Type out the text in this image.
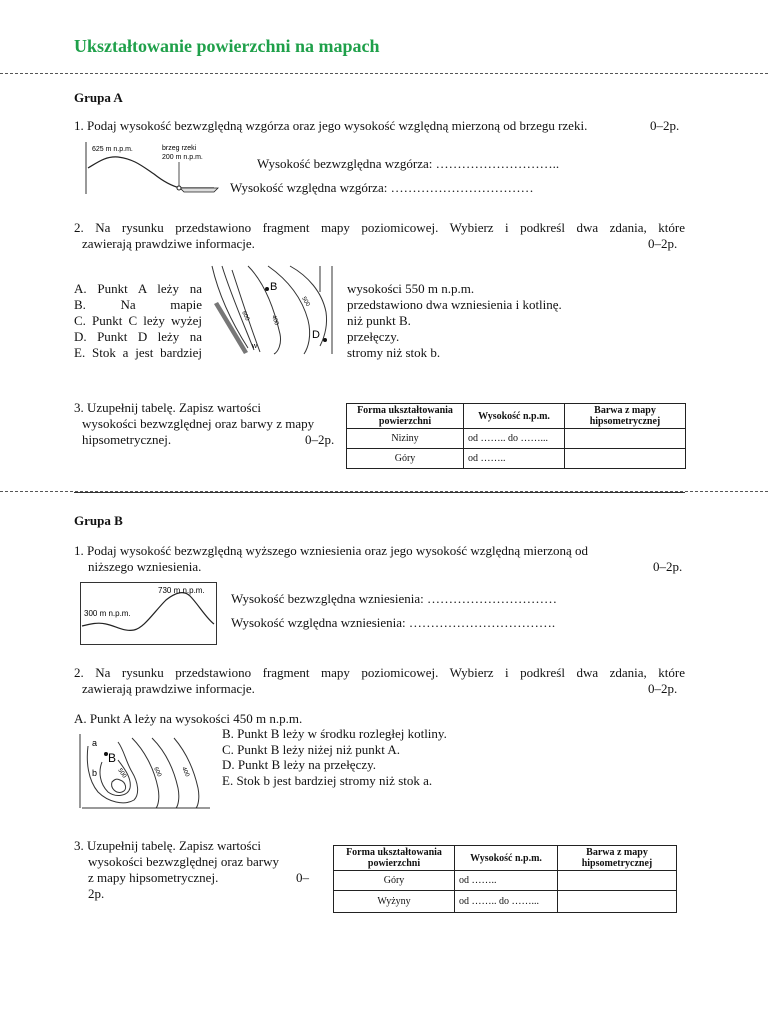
Ukształtowanie powierzchni na mapach
Grupa A
1. Podaj wysokość bezwzględną wzgórza oraz jego wysokość względną mierzoną od brzegu rzeki.	0–2p.
625 m n.p.m.	brzeg rzeki
200 m n.p.m.	Wysokość bezwzględna wzgórza: ………………………..
Wysokość względna wzgórza: ……………………………
2. Na rysunku przedstawiono fragment mapy poziomicowej. Wybierz i podkreśl dwa zdania, które
zawierają prawdziwe informacje.	0–2p.
A. Punkt A leży na
B. Na mapie
C. Punkt C leży wyżej
D. Punkt D leży na
E. Stok a jest bardziej
B
D
500
400
600
w
wysokości 550 m n.p.m.
przedstawiono dwa wzniesienia i kotlinę.
niż punkt B.
przełęczy.
stromy niż stok b.
3. Uzupełnij tabelę. Zapisz wartości
wysokości bezwzględnej oraz barwy z mapy
hipsometrycznej.	0–2p.
Forma ukształtowania powierzchni	Wysokość n.p.m.	Barwa z mapy hipsometrycznej
Niziny	od …….. do ……...	
Góry	od ……..	
Grupa B
1. Podaj wysokość bezwzględną wyższego wzniesienia oraz jego wysokość względną mierzoną od
niższego wzniesienia.	0–2p.
730 m n.p.m.
300 m n.p.m.
Wysokość bezwzględna wzniesienia: …………………………
Wysokość względna wzniesienia: …………………………….
2. Na rysunku przedstawiono fragment mapy poziomicowej. Wybierz i podkreśl dwa zdania, które
zawierają prawdziwe informacje.	0–2p.
A. Punkt A leży na wysokości 450 m n.p.m.
B. Punkt B leży w środku rozległej kotliny.
C. Punkt B leży niżej niż punkt A.
D. Punkt B leży na przełęczy.
E. Stok b jest bardziej stromy niż stok a.
B
a
b	500	600	400
3. Uzupełnij tabelę. Zapisz wartości
wysokości bezwzględnej oraz barwy
z mapy hipsometrycznej.	0–
2p.
Forma ukształtowania powierzchni	Wysokość n.p.m.	Barwa z mapy hipsometrycznej
Góry	od ……..	
Wyżyny	od …….. do ……...	
